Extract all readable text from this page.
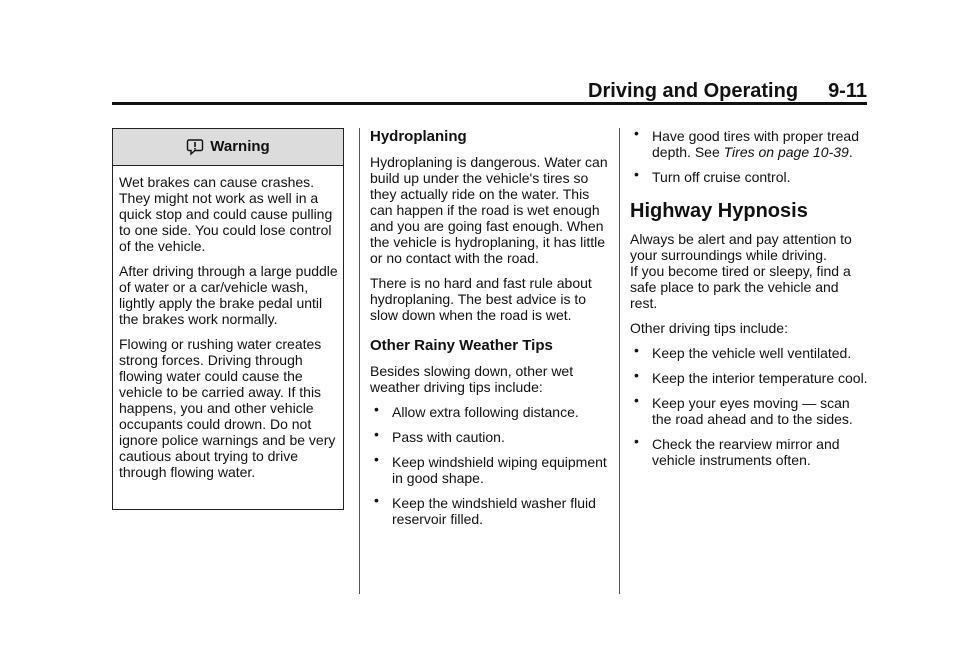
Driving and Operating 9-11
Warning

Wet brakes can cause crashes. They might not work as well in a quick stop and could cause pulling to one side. You could lose control of the vehicle.

After driving through a large puddle of water or a car/vehicle wash, lightly apply the brake pedal until the brakes work normally.

Flowing or rushing water creates strong forces. Driving through flowing water could cause the vehicle to be carried away. If this happens, you and other vehicle occupants could drown. Do not ignore police warnings and be very cautious about trying to drive through flowing water.

Hydroplaning

Hydroplaning is dangerous. Water can build up under the vehicle's tires so they actually ride on the water. This can happen if the road is wet enough and you are going fast enough. When the vehicle is hydroplaning, it has little or no contact with the road.

There is no hard and fast rule about hydroplaning. The best advice is to slow down when the road is wet.

Other Rainy Weather Tips

Besides slowing down, other wet weather driving tips include:

• Allow extra following distance.
• Pass with caution.
• Keep windshield wiping equipment in good shape.
• Keep the windshield washer fluid reservoir filled.
• Have good tires with proper tread depth. See Tires on page 10-39.
• Turn off cruise control.
Highway Hypnosis

Always be alert and pay attention to your surroundings while driving.

If you become tired or sleepy, find a safe place to park the vehicle and rest.

Other driving tips include:

• Keep the vehicle well ventilated.
• Keep the interior temperature cool.
• Keep your eyes moving — scan the road ahead and to the sides.
• Check the rearview mirror and vehicle instruments often.
